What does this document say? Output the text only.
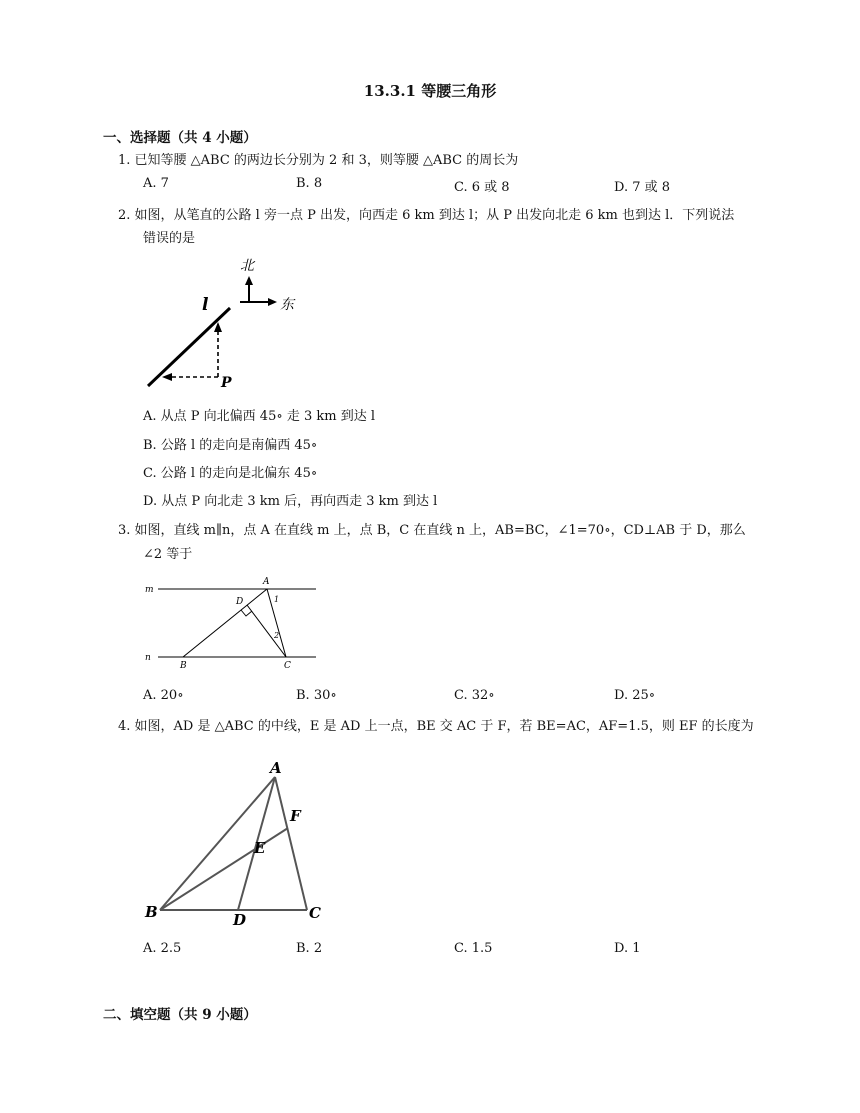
13.3.1 等腰三角形
一、选择题（共 4 小题）
1. 已知等腰 △ABC 的两边长分别为 2 和 3，则等腰 △ABC 的周长为
A. 7	B. 8	C. 6 或 8	D. 7 或 8
2. 如图，从笔直的公路 l 旁一点 P 出发，向西走 6 km 到达 l；从 P 出发向北走 6 km 也到达 l．下列说法
错误的是
北
东
l
P
A. 从点 P 向北偏西 45∘ 走 3 km 到达 l
B. 公路 l 的走向是南偏西 45∘
C. 公路 l 的走向是北偏东 45∘
D. 从点 P 向北走 3 km 后，再向西走 3 km 到达 l
3. 如图，直线 m∥n，点 A 在直线 m 上，点 B，C 在直线 n 上，AB=BC，∠1=70∘，CD⊥AB 于 D，那么
∠2 等于
m
n
A
B	C
D	1
2
A. 20∘	B. 30∘	C. 32∘	D. 25∘
4. 如图，AD 是 △ABC 的中线，E 是 AD 上一点，BE 交 AC 于 F，若 BE=AC，AF=1.5，则 EF 的长度为
A
B	C
D
E
F
A. 2.5	B. 2	C. 1.5	D. 1
二、填空题（共 9 小题）
